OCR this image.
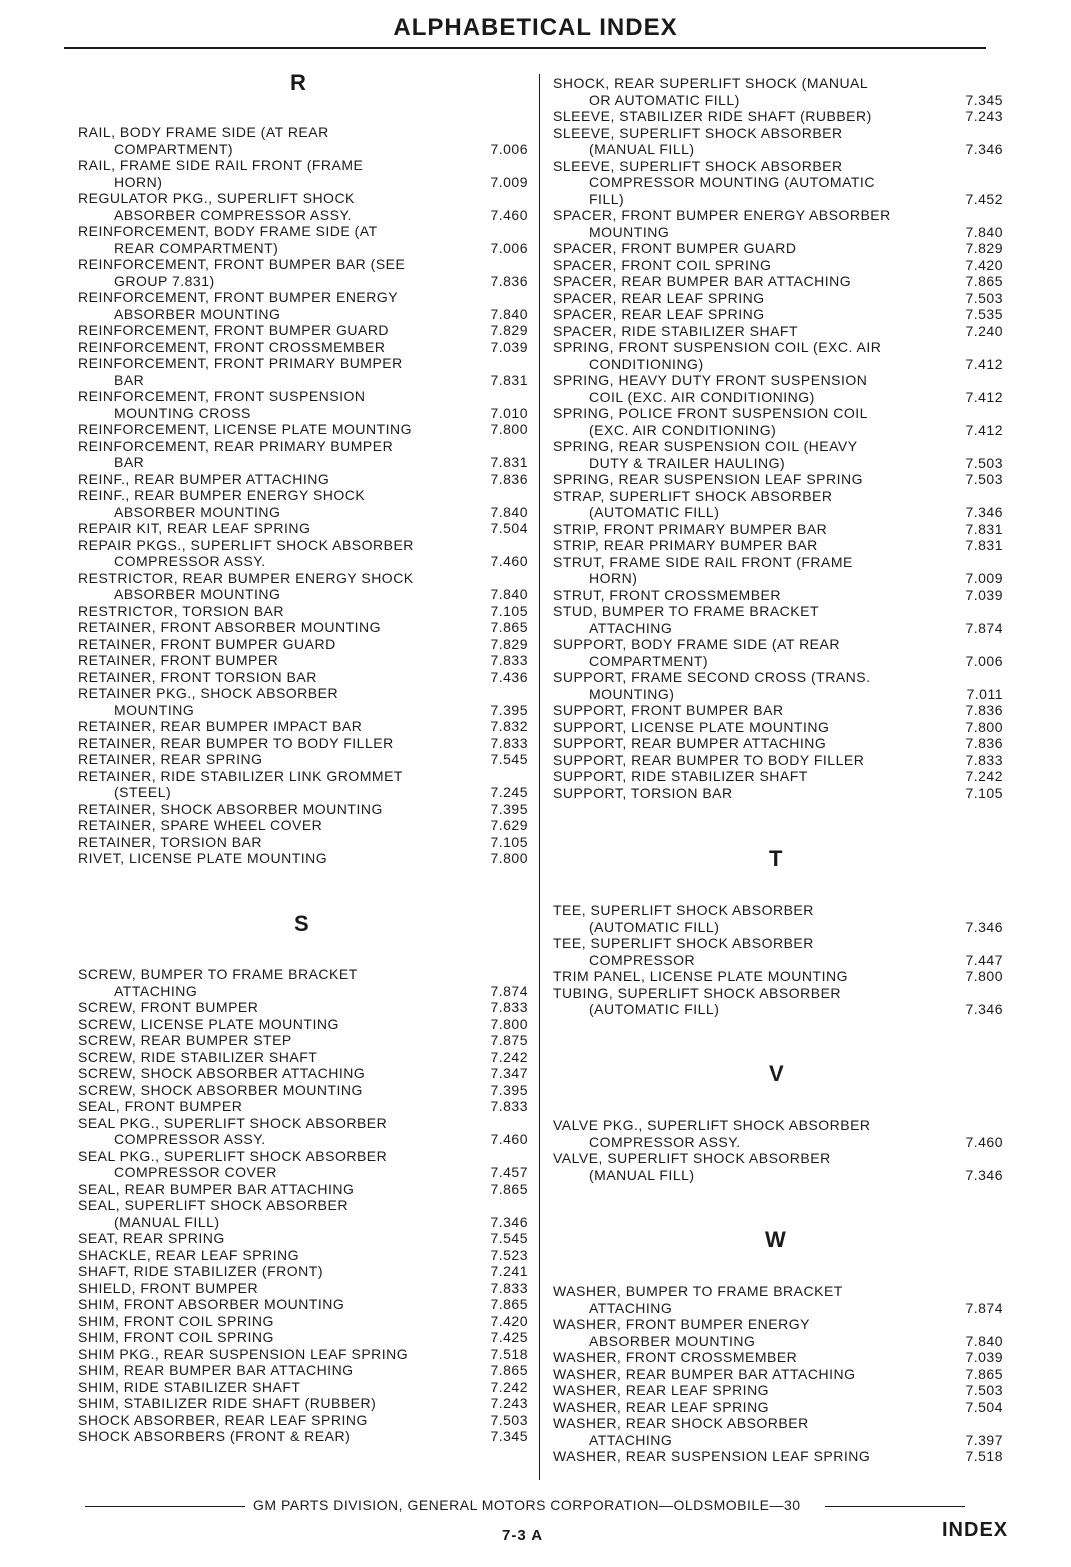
ALPHABETICAL INDEX
R
S
T
V
W
RAIL, BODY FRAME SIDE (AT REAR
COMPARTMENT)	7.006
RAIL, FRAME SIDE RAIL FRONT (FRAME
HORN)	7.009
REGULATOR PKG., SUPERLIFT SHOCK
ABSORBER COMPRESSOR ASSY.	7.460
REINFORCEMENT, BODY FRAME SIDE (AT
REAR COMPARTMENT)	7.006
REINFORCEMENT, FRONT BUMPER BAR (SEE
GROUP 7.831)	7.836
REINFORCEMENT, FRONT BUMPER ENERGY
ABSORBER MOUNTING	7.840
REINFORCEMENT, FRONT BUMPER GUARD	7.829
REINFORCEMENT, FRONT CROSSMEMBER	7.039
REINFORCEMENT, FRONT PRIMARY BUMPER
BAR	7.831
REINFORCEMENT, FRONT SUSPENSION
MOUNTING CROSS	7.010
REINFORCEMENT, LICENSE PLATE MOUNTING	7.800
REINFORCEMENT, REAR PRIMARY BUMPER
BAR	7.831
REINF., REAR BUMPER ATTACHING	7.836
REINF., REAR BUMPER ENERGY SHOCK
ABSORBER MOUNTING	7.840
REPAIR KIT, REAR LEAF SPRING	7.504
REPAIR PKGS., SUPERLIFT SHOCK ABSORBER
COMPRESSOR ASSY.	7.460
RESTRICTOR, REAR BUMPER ENERGY SHOCK
ABSORBER MOUNTING	7.840
RESTRICTOR, TORSION BAR	7.105
RETAINER, FRONT ABSORBER MOUNTING	7.865
RETAINER, FRONT BUMPER GUARD	7.829
RETAINER, FRONT BUMPER	7.833
RETAINER, FRONT TORSION BAR	7.436
RETAINER PKG., SHOCK ABSORBER
MOUNTING	7.395
RETAINER, REAR BUMPER IMPACT BAR	7.832
RETAINER, REAR BUMPER TO BODY FILLER	7.833
RETAINER, REAR SPRING	7.545
RETAINER, RIDE STABILIZER LINK GROMMET
(STEEL)	7.245
RETAINER, SHOCK ABSORBER MOUNTING	7.395
RETAINER, SPARE WHEEL COVER	7.629
RETAINER, TORSION BAR	7.105
RIVET, LICENSE PLATE MOUNTING	7.800
SCREW, BUMPER TO FRAME BRACKET
ATTACHING	7.874
SCREW, FRONT BUMPER	7.833
SCREW, LICENSE PLATE MOUNTING	7.800
SCREW, REAR BUMPER STEP	7.875
SCREW, RIDE STABILIZER SHAFT	7.242
SCREW, SHOCK ABSORBER ATTACHING	7.347
SCREW, SHOCK ABSORBER MOUNTING	7.395
SEAL, FRONT BUMPER	7.833
SEAL PKG., SUPERLIFT SHOCK ABSORBER
COMPRESSOR ASSY.	7.460
SEAL PKG., SUPERLIFT SHOCK ABSORBER
COMPRESSOR COVER	7.457
SEAL, REAR BUMPER BAR ATTACHING	7.865
SEAL, SUPERLIFT SHOCK ABSORBER
(MANUAL FILL)	7.346
SEAT, REAR SPRING	7.545
SHACKLE, REAR LEAF SPRING	7.523
SHAFT, RIDE STABILIZER (FRONT)	7.241
SHIELD, FRONT BUMPER	7.833
SHIM, FRONT ABSORBER MOUNTING	7.865
SHIM, FRONT COIL SPRING	7.420
SHIM, FRONT COIL SPRING	7.425
SHIM PKG., REAR SUSPENSION LEAF SPRING	7.518
SHIM, REAR BUMPER BAR ATTACHING	7.865
SHIM, RIDE STABILIZER SHAFT	7.242
SHIM, STABILIZER RIDE SHAFT (RUBBER)	7.243
SHOCK ABSORBER, REAR LEAF SPRING	7.503
SHOCK ABSORBERS (FRONT & REAR)	7.345
SHOCK, REAR SUPERLIFT SHOCK (MANUAL
OR AUTOMATIC FILL)	7.345
SLEEVE, STABILIZER RIDE SHAFT (RUBBER)	7.243
SLEEVE, SUPERLIFT SHOCK ABSORBER
(MANUAL FILL)	7.346
SLEEVE, SUPERLIFT SHOCK ABSORBER
COMPRESSOR MOUNTING (AUTOMATIC
FILL)	7.452
SPACER, FRONT BUMPER ENERGY ABSORBER
MOUNTING	7.840
SPACER, FRONT BUMPER GUARD	7.829
SPACER, FRONT COIL SPRING	7.420
SPACER, REAR BUMPER BAR ATTACHING	7.865
SPACER, REAR LEAF SPRING	7.503
SPACER, REAR LEAF SPRING	7.535
SPACER, RIDE STABILIZER SHAFT	7.240
SPRING, FRONT SUSPENSION COIL (EXC. AIR
CONDITIONING)	7.412
SPRING, HEAVY DUTY FRONT SUSPENSION
COIL (EXC. AIR CONDITIONING)	7.412
SPRING, POLICE FRONT SUSPENSION COIL
(EXC. AIR CONDITIONING)	7.412
SPRING, REAR SUSPENSION COIL (HEAVY
DUTY & TRAILER HAULING)	7.503
SPRING, REAR SUSPENSION LEAF SPRING	7.503
STRAP, SUPERLIFT SHOCK ABSORBER
(AUTOMATIC FILL)	7.346
STRIP, FRONT PRIMARY BUMPER BAR	7.831
STRIP, REAR PRIMARY BUMPER BAR	7.831
STRUT, FRAME SIDE RAIL FRONT (FRAME
HORN)	7.009
STRUT, FRONT CROSSMEMBER	7.039
STUD, BUMPER TO FRAME BRACKET
ATTACHING	7.874
SUPPORT, BODY FRAME SIDE (AT REAR
COMPARTMENT)	7.006
SUPPORT, FRAME SECOND CROSS (TRANS.
MOUNTING)	7.011
SUPPORT, FRONT BUMPER BAR	7.836
SUPPORT, LICENSE PLATE MOUNTING	7.800
SUPPORT, REAR BUMPER ATTACHING	7.836
SUPPORT, REAR BUMPER TO BODY FILLER	7.833
SUPPORT, RIDE STABILIZER SHAFT	7.242
SUPPORT, TORSION BAR	7.105
TEE, SUPERLIFT SHOCK ABSORBER
(AUTOMATIC FILL)	7.346
TEE, SUPERLIFT SHOCK ABSORBER
COMPRESSOR	7.447
TRIM PANEL, LICENSE PLATE MOUNTING	7.800
TUBING, SUPERLIFT SHOCK ABSORBER
(AUTOMATIC FILL)	7.346
VALVE PKG., SUPERLIFT SHOCK ABSORBER
COMPRESSOR ASSY.	7.460
VALVE, SUPERLIFT SHOCK ABSORBER
(MANUAL FILL)	7.346
WASHER, BUMPER TO FRAME BRACKET
ATTACHING	7.874
WASHER, FRONT BUMPER ENERGY
ABSORBER MOUNTING	7.840
WASHER, FRONT CROSSMEMBER	7.039
WASHER, REAR BUMPER BAR ATTACHING	7.865
WASHER, REAR LEAF SPRING	7.503
WASHER, REAR LEAF SPRING	7.504
WASHER, REAR SHOCK ABSORBER
ATTACHING	7.397
WASHER, REAR SUSPENSION LEAF SPRING	7.518
GM PARTS DIVISION, GENERAL MOTORS CORPORATION—OLDSMOBILE—30
7-3 A	INDEX
